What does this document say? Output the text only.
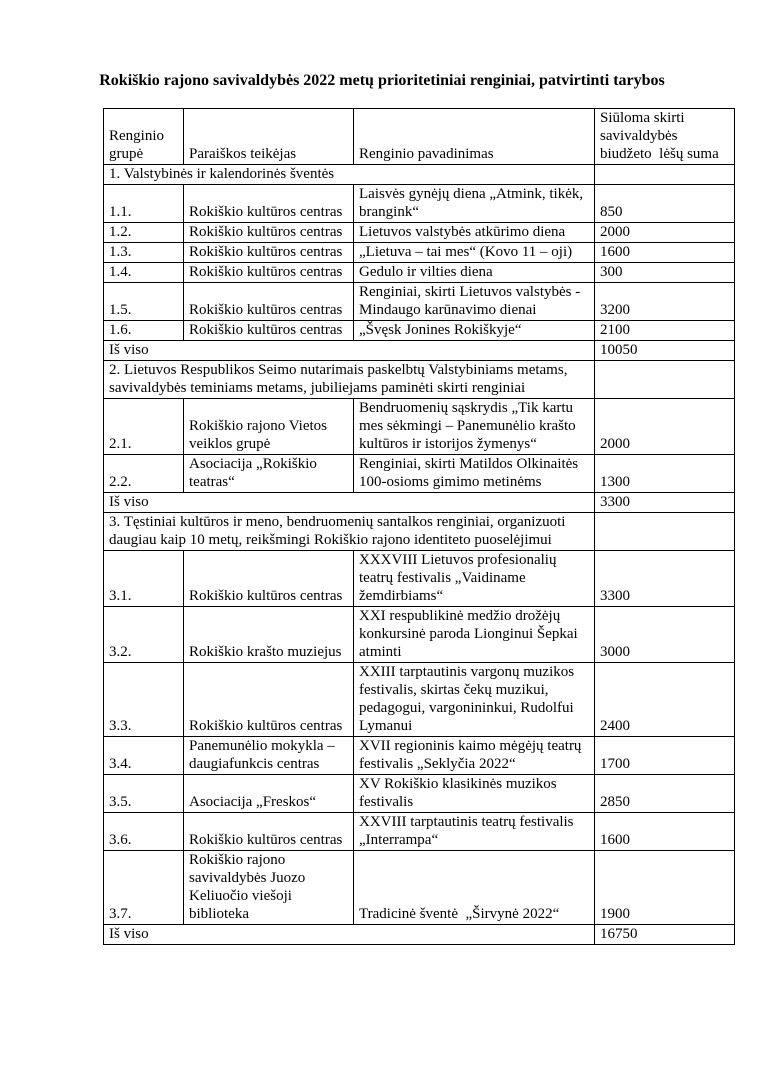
Rokiškio rajono savivaldybės 2022 metų prioritetiniai renginiai, patvirtinti tarybos
Renginio grupė	Paraiškos teikėjas	Renginio pavadinimas	Siūloma skirti savivaldybės biudžeto  lėšų suma
1. Valstybinės ir kalendorinės šventės			
1.1.	Rokiškio kultūros centras	Laisvės gynėjų diena „Atmink, tikėk, brangink“	850
1.2.	Rokiškio kultūros centras	Lietuvos valstybės atkūrimo diena	2000
1.3.	Rokiškio kultūros centras	„Lietuva – tai mes“ (Kovo 11 – oji)	1600
1.4.	Rokiškio kultūros centras	Gedulo ir vilties diena	300
1.5.	Rokiškio kultūros centras	Renginiai, skirti Lietuvos valstybės - Mindaugo karūnavimo dienai	3200
1.6.	Rokiškio kultūros centras	„Švęsk Jonines Rokiškyje“	2100
Iš viso			10050
2. Lietuvos Respublikos Seimo nutarimais paskelbtų Valstybiniams metams, savivaldybės teminiams metams, jubiliejams paminėti skirti renginiai			
2.1.	Rokiškio rajono Vietos veiklos grupė	Bendruomenių sąskrydis „Tik kartu mes sėkmingi – Panemunėlio krašto kultūros ir istorijos žymenys“	2000
2.2.	Asociacija „Rokiškio teatras“	Renginiai, skirti Matildos Olkinaitės 100-osioms gimimo metinėms	1300
Iš viso			3300
3. Tęstiniai kultūros ir meno, bendruomenių santalkos renginiai, organizuoti daugiau kaip 10 metų, reikšmingi Rokiškio rajono identiteto puoselėjimui			
3.1.	Rokiškio kultūros centras	XXXVIII Lietuvos profesionalių teatrų festivalis „Vaidiname žemdirbiams“	3300
3.2.	Rokiškio krašto muziejus	XXI respublikinė medžio drožėjų konkursinė paroda Lionginui Šepkai atminti	3000
3.3.	Rokiškio kultūros centras	XXIII tarptautinis vargonų muzikos festivalis, skirtas čekų muzikui, pedagogui, vargonininkui, Rudolfui Lymanui	2400
3.4.	Panemunėlio mokykla – daugiafunkcis centras	XVII regioninis kaimo mėgėjų teatrų festivalis „Seklyčia 2022“	1700
3.5.	Asociacija „Freskos“	XV Rokiškio klasikinės muzikos festivalis	2850
3.6.	Rokiškio kultūros centras	XXVIII tarptautinis teatrų festivalis „Interrampa“	1600
3.7.	Rokiškio rajono savivaldybės Juozo Keliuočio viešoji biblioteka	Tradicinė šventė  „Širvynė 2022“	1900
Iš viso			16750
